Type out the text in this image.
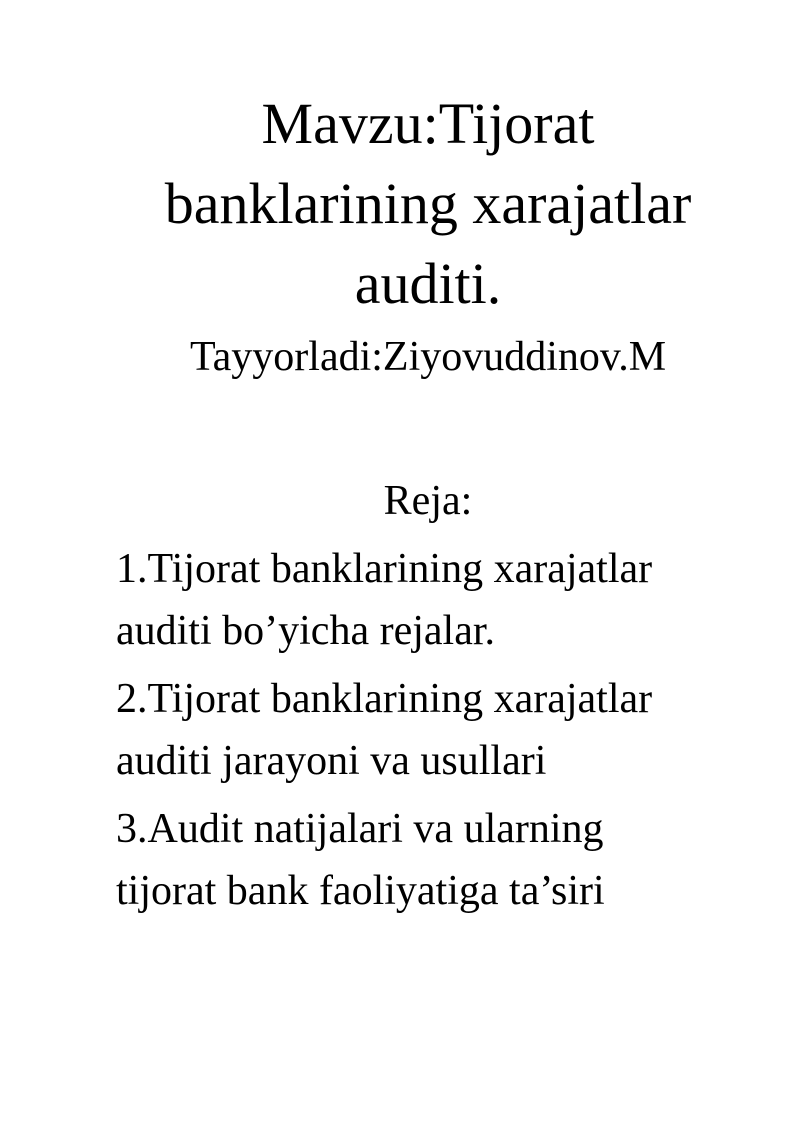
Mavzu:Tijorat
banklarining xarajatlar
auditi.
Tayyorladi:Ziyovuddinov.M
Reja:
1.Tijorat banklarining xarajatlar
auditi bo’yicha rejalar.
2.Tijorat banklarining xarajatlar
auditi jarayoni va usullari
3.Audit natijalari va ularning
tijorat bank faoliyatiga ta’siri
